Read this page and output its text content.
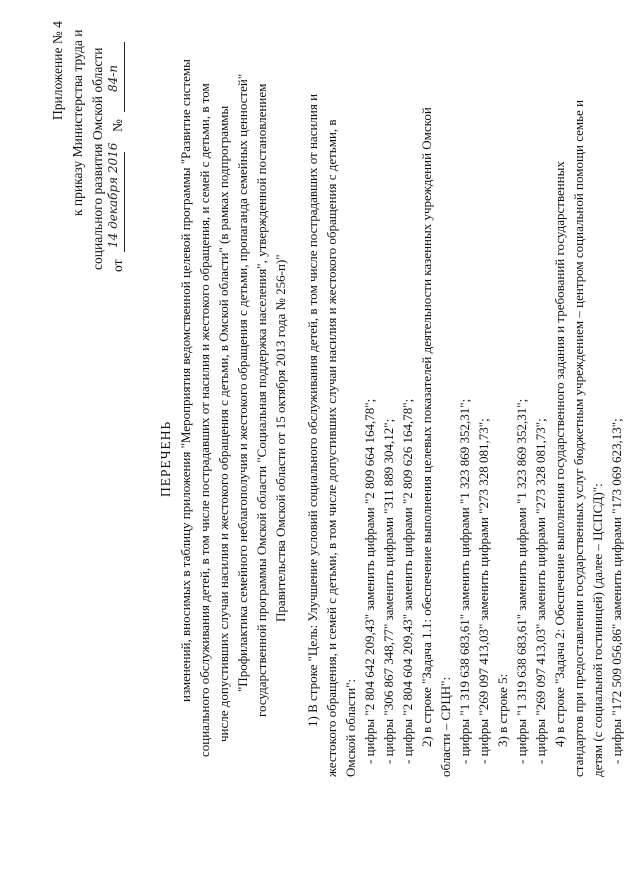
Приложение № 4 к приказу Министерства труда и социального развития Омской области от
14 декабря 2016
№
84-п
ПЕРЕЧЕНЬ изменений, вносимых в таблицу приложения "Мероприятия ведомственной целевой программы "Развитие системы социального обслуживания детей, в том числе пострадавших от насилия и жестокого обращения, и семей с детьми, в том числе допустивших случаи насилия и жестокого обращения с детьми, в Омской области" (в рамках подпрограммы "Профилактика семейного неблагополучия и жестокого обращения с детьми, пропаганда семейных ценностей" государственной программы Омской области "Социальная поддержка населения", утвержденной постановлением Правительства Омской области от 15 октября 2013 года № 256-п)" 1) В строке "Цель: Улучшение условий социального обслуживания детей, в том числе пострадавших от насилия и жестокого обращения, и семей с детьми, в том числе допустивших случаи насилия и жестокого обращения с детьми, в Омской области": - цифры "2 804 642 209,43" заменить цифрами "2 809 664 164,78"; - цифры "306 867 348,77" заменить цифрами "311 889 304,12"; - цифры "2 804 604 209,43" заменить цифрами "2 809 626 164,78"; 2) в строке "Задача 1.1: обеспечение выполнения целевых показателей деятельности казенных учреждений Омской области – СРЦН": - цифры "1 319 638 683,61" заменить цифрами "1 323 869 352,31"; - цифры "269 097 413,03" заменить цифрами "273 328 081,73"; 3) в строке 5: - цифры "1 319 638 683,61" заменить цифрами "1 323 869 352,31"; - цифры "269 097 413,03" заменить цифрами "273 328 081,73"; 4) в строке "Задача 2: Обеспечение выполнения государственного задания и требований государственных стандартов при предоставлении государственных услуг бюджетным учреждением – центром социальной помощи семье и детям (с социальной гостиницей) (далее – ЦСПСД)": - цифры "172 509 056,86" заменить цифрами "173 069 623,13";
